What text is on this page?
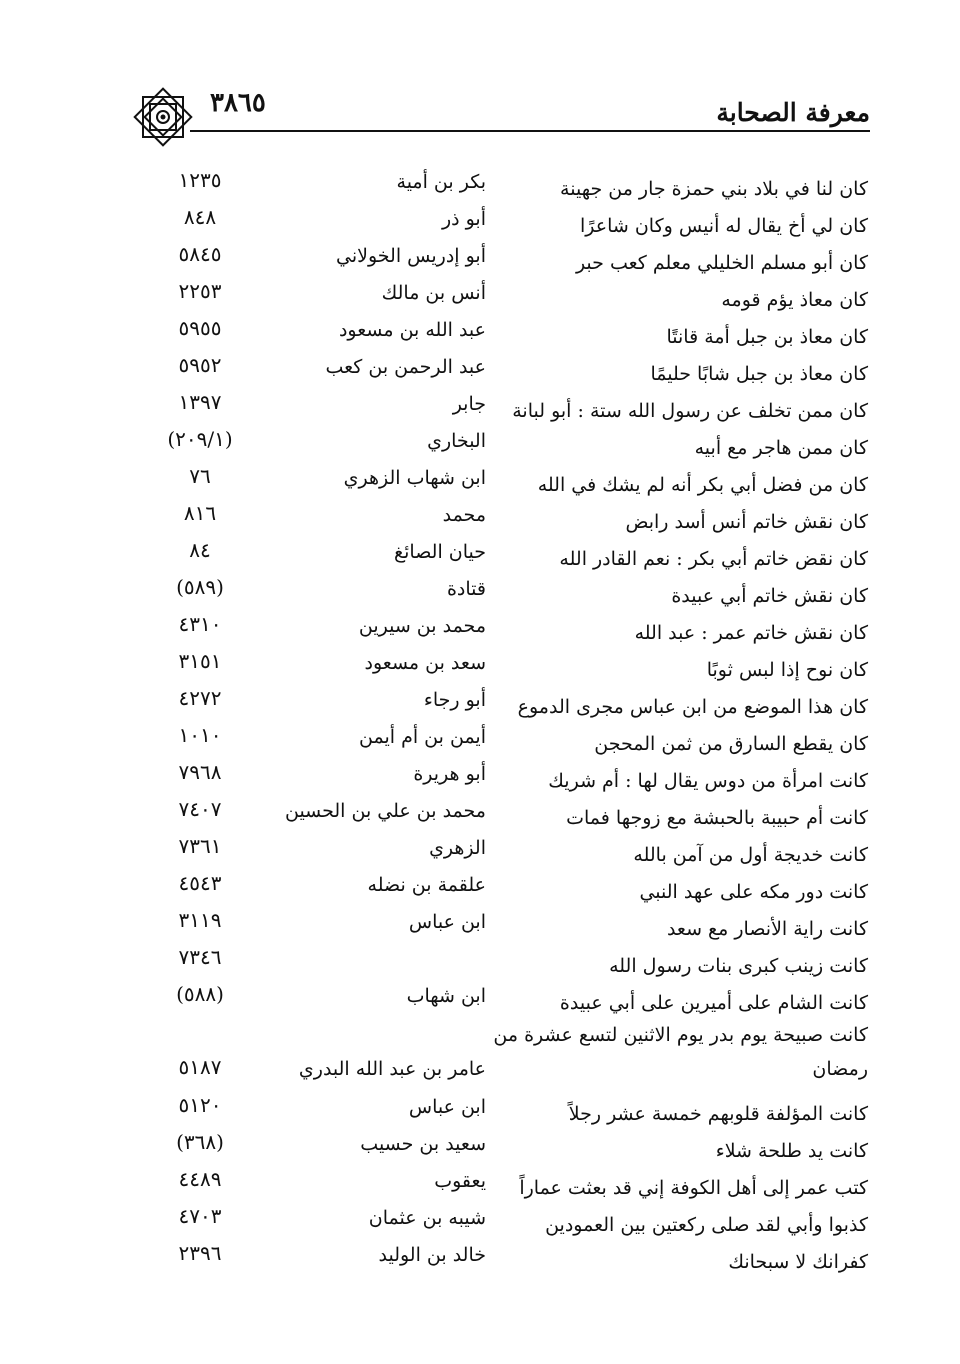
معرفة الصحابة
٣٨٦٥
كان لنا في بلاد بني حمزة جار من جهينة
بكر بن أمية
١٢٣٥
كان لي أخ يقال له أنيس وكان شاعرًا
أبو ذر
٨٤٨
كان أبو مسلم الخليلي معلم كعب حبر
أبو إدريس الخولاني
٥٨٤٥
كان معاذ يؤم قومه
أنس بن مالك
٢٢٥٣
كان معاذ بن جبل أمة قانتًا
عبد الله بن مسعود
٥٩٥٥
كان معاذ بن جبل شابًا حليمًا
عبد الرحمن بن كعب
٥٩٥٢
كان ممن تخلف عن رسول الله ستة : أبو لبانة
جابر
١٣٩٧
كان ممن هاجر مع أبيه
البخاري
(٢٠٩/١)
كان من فضل أبي بكر أنه لم يشك في الله
ابن شهاب الزهري
٧٦
كان نقش خاتم أنس أسد رابض
محمد
٨١٦
كان نقض خاتم أبي بكر : نعم القادر الله
حيان الصائغ
٨٤
كان نقش خاتم أبي عبيدة
قتادة
(٥٨٩)
كان نقش خاتم عمر : عبد الله
محمد بن سيرين
٤٣١٠
كان نوح إذا لبس ثوبًا
سعد بن مسعود
٣١٥١
كان هذا الموضع من ابن عباس مجرى الدموع
أبو رجاء
٤٢٧٢
كان يقطع السارق من ثمن المحجن
أيمن بن أم أيمن
١٠١٠
كانت امرأة من دوس يقال لها : أم شريك
أبو هريرة
٧٩٦٨
كانت أم حبيبة بالحبشة مع زوجها فمات
محمد بن علي بن الحسين
٧٤٠٧
كانت خديجة أول من آمن بالله
الزهري
٧٣٦١
كانت دور مكه على عهد النبي
علقمة بن نضله
٤٥٤٣
كانت راية الأنصار مع سعد
ابن عباس
٣١١٩
كانت زينب كبرى بنات رسول الله
٧٣٤٦
كانت الشام على أميرين على أبي عبيدة
ابن شهاب
(٥٨٨)
كانت صبيحة يوم بدر يوم الاثنين لتسع عشرة من رمضان
عامر بن عبد الله البدري
٥١٨٧
كانت المؤلفة قلوبهم خمسة عشر رجلاً
ابن عباس
٥١٢٠
كانت يد طلحة شلاء
سعيد بن حسيب
(٣٦٨)
كتب عمر إلى أهل الكوفة إني قد بعثت عماراً
يعقوب
٤٤٨٩
كذبوا وأبي لقد صلى ركعتين بين العمودين
شيبه بن عثمان
٤٧٠٣
كفرانك لا سبحانك
خالد بن الوليد
٢٣٩٦
